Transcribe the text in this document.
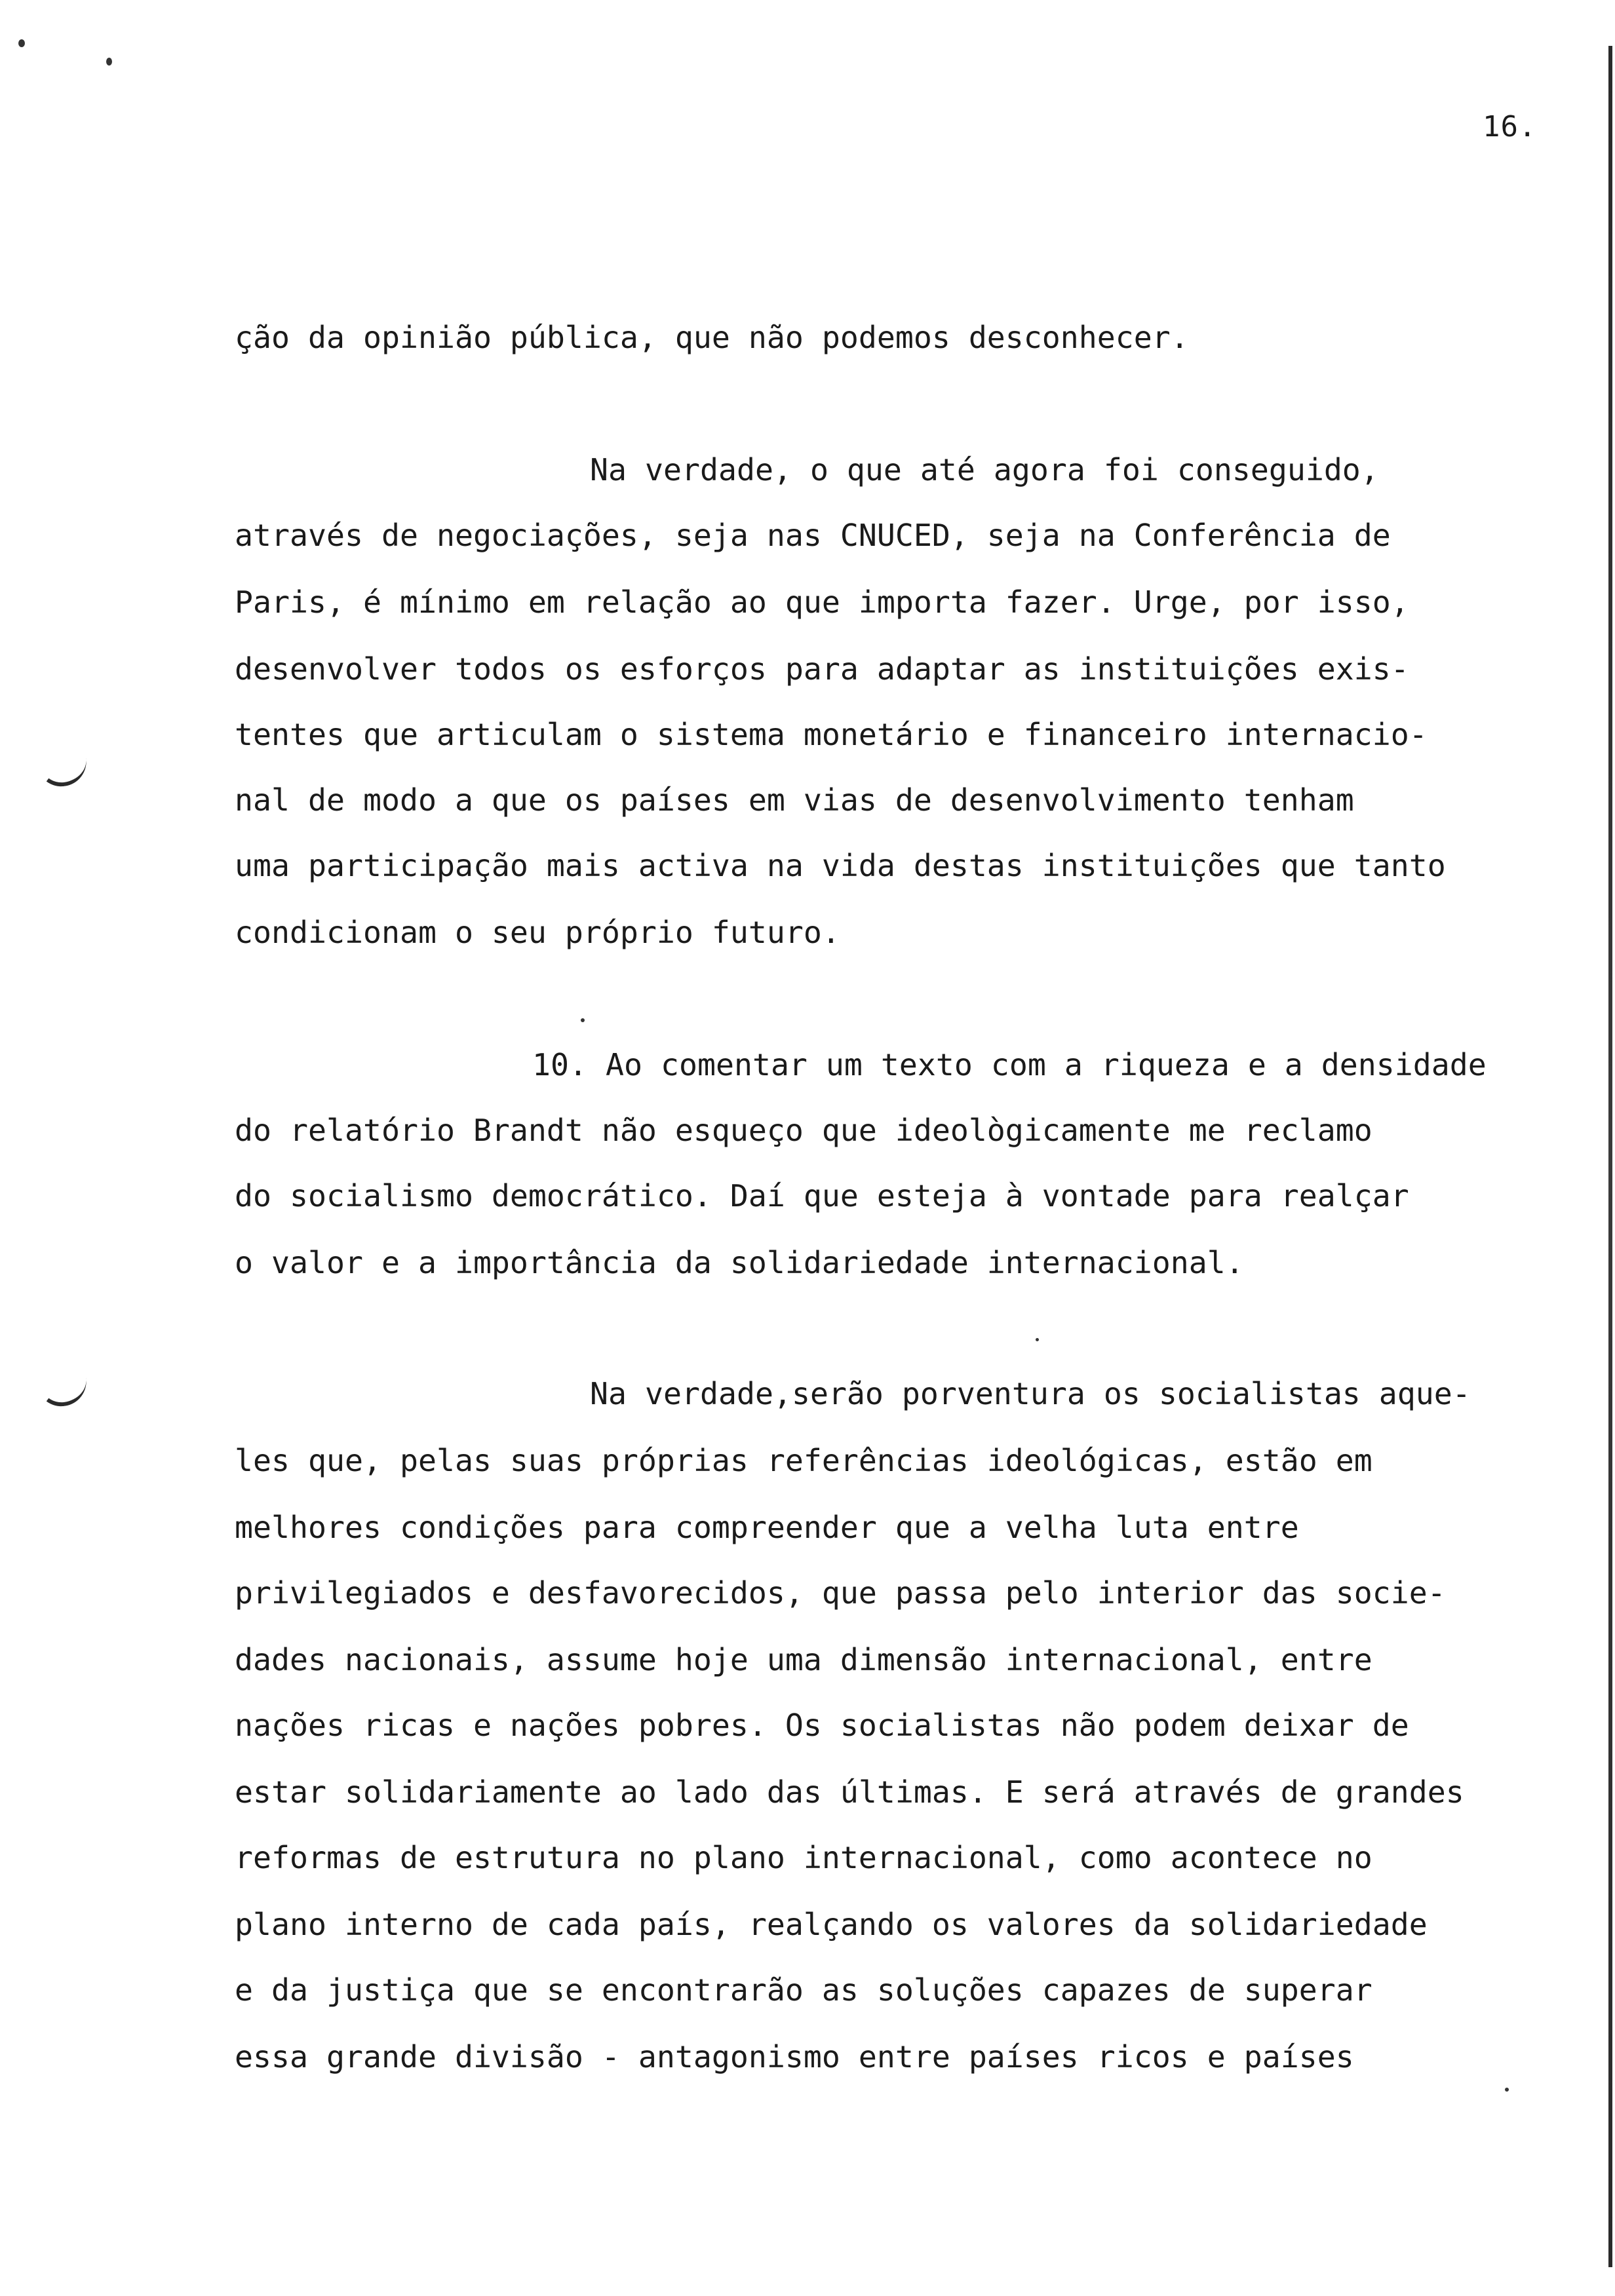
16.
ção da opinião pública, que não podemos desconhecer.
Na verdade, o que até agora foi conseguido,
através de negociações, seja nas CNUCED, seja na Conferência de
Paris, é mínimo em relação ao que importa fazer. Urge, por isso,
desenvolver todos os esforços para adaptar as instituições exis-
tentes que articulam o sistema monetário e financeiro internacio-
nal de modo a que os países em vias de desenvolvimento tenham
uma participação mais activa na vida destas instituições que tanto
condicionam o seu próprio futuro.
10. Ao comentar um texto com a riqueza e a densidade
do relatório Brandt não esqueço que ideològicamente me reclamo
do socialismo democrático. Daí que esteja à vontade para realçar
o valor e a importância da solidariedade internacional.
Na verdade,serão porventura os socialistas aque-
les que, pelas suas próprias referências ideológicas, estão em
melhores condições para compreender que a velha luta entre
privilegiados e desfavorecidos, que passa pelo interior das socie-
dades nacionais, assume hoje uma dimensão internacional, entre
nações ricas e nações pobres. Os socialistas não podem deixar de
estar solidariamente ao lado das últimas. E será através de grandes
reformas de estrutura no plano internacional, como acontece no
plano interno de cada país, realçando os valores da solidariedade
e da justiça que se encontrarão as soluções capazes de superar
essa grande divisão - antagonismo entre países ricos e países
